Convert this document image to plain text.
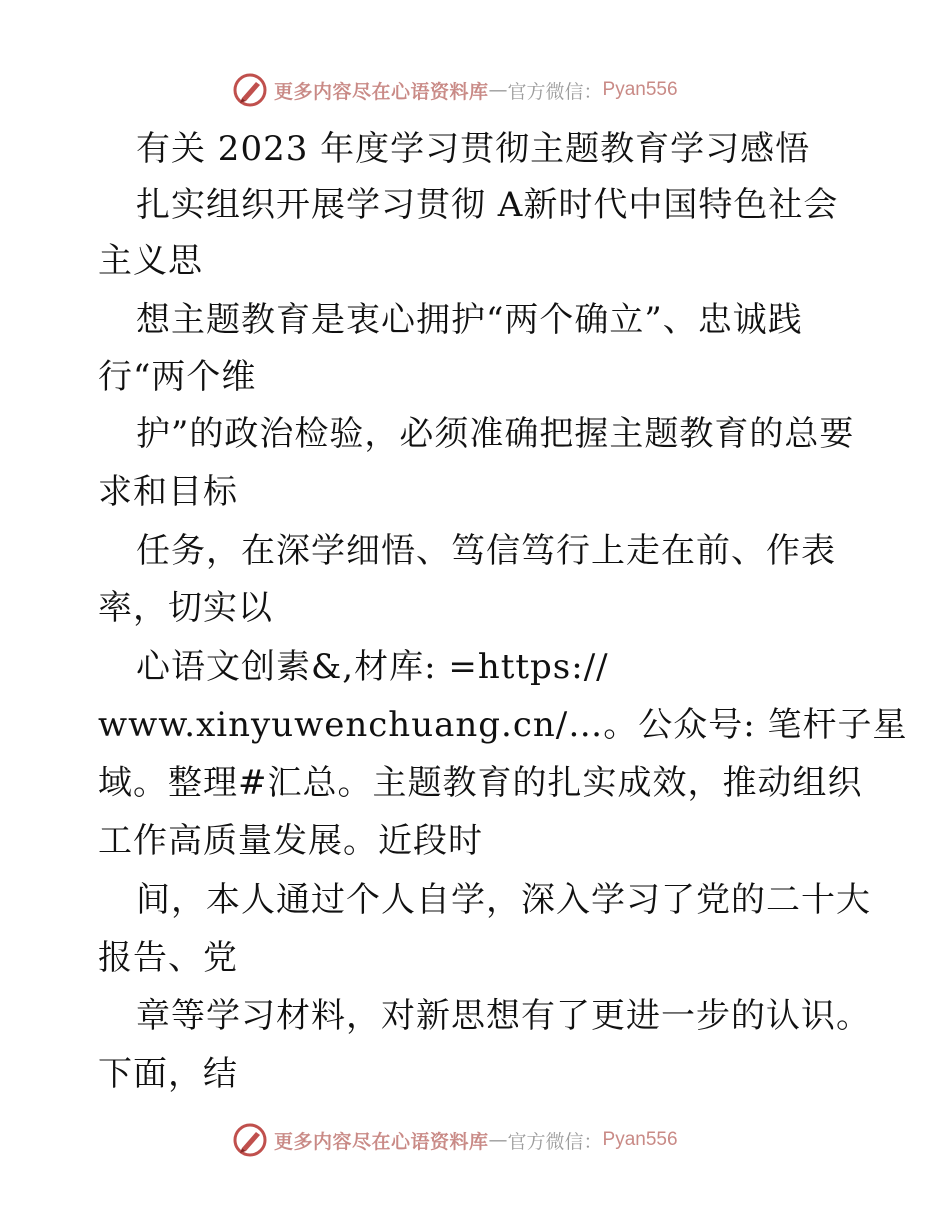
更多内容尽在心语资料库 — 官方微信： Pyan556
有关 2023 年度学习贯彻主题教育学习感悟
扎实组织开展学习贯彻 A新时代中国特色社会
主义思
想主题教育是衷心拥护“两个确立”、忠诚践
行“两个维
护”的政治检验，必须准确把握主题教育的总要
求和目标
任务，在深学细悟、笃信笃行上走在前、作表
率，切实以
心语文创素&,材库: =https://
www.xinyuwenchuang.cn/…。公众号: 笔杆子星
域。整理#汇总。主题教育的扎实成效，推动组织
工作高质量发展。近段时
间，本人通过个人自学，深入学习了党的二十大
报告、党
章等学习材料，对新思想有了更进一步的认识。
下面，结
更多内容尽在心语资料库 — 官方微信： Pyan556
